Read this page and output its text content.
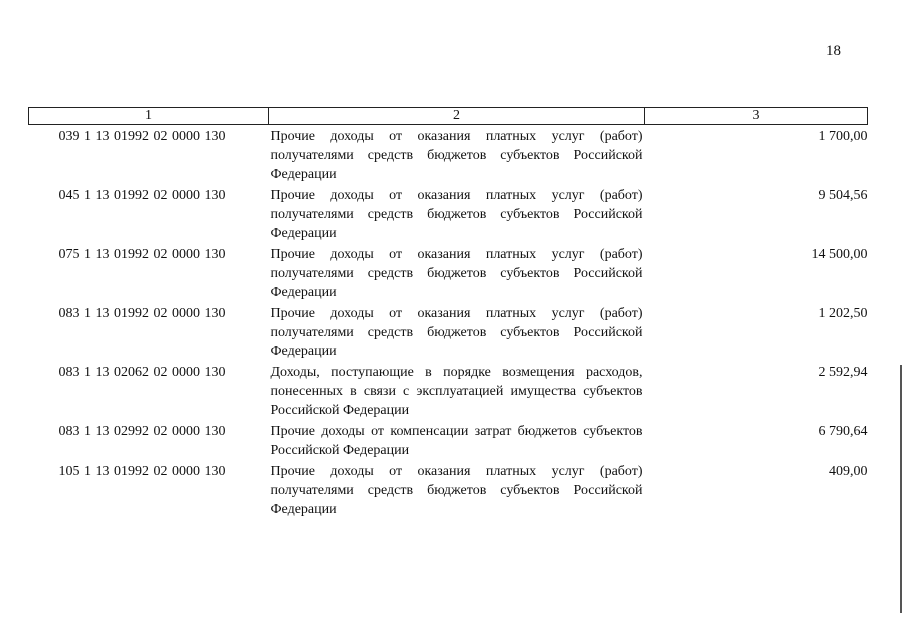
18
1	2	3
039 1 13 01992 02 0000 130	Прочие доходы от оказания платных услуг (работ) получателями средств бюджетов субъектов Российской Федерации	1 700,00
045 1 13 01992 02 0000 130	Прочие доходы от оказания платных услуг (работ) получателями средств бюджетов субъектов Российской Федерации	9 504,56
075 1 13 01992 02 0000 130	Прочие доходы от оказания платных услуг (работ) получателями средств бюджетов субъектов Российской Федерации	14 500,00
083 1 13 01992 02 0000 130	Прочие доходы от оказания платных услуг (работ) получателями средств бюджетов субъектов Российской Федерации	1 202,50
083 1 13 02062 02 0000 130	Доходы, поступающие в порядке возмещения расходов, понесенных в связи с эксплуатацией имущества субъектов Российской Федерации	2 592,94
083 1 13 02992 02 0000 130	Прочие доходы от компенсации затрат бюджетов субъектов Российской Федерации	6 790,64
105 1 13 01992 02 0000 130	Прочие доходы от оказания платных услуг (работ) получателями средств бюджетов субъектов Российской Федерации	409,00
